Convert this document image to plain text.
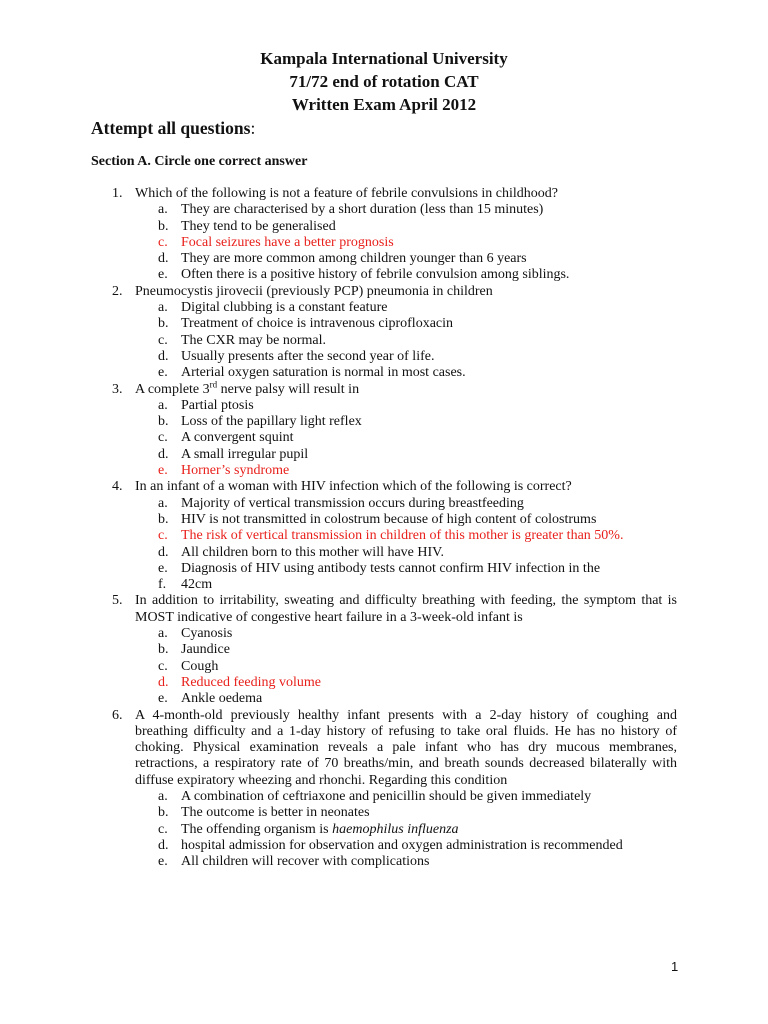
Kampala International University
71/72 end of rotation CAT
Written Exam April 2012
Attempt all questions:
Section A. Circle one correct answer
1. Which of the following is not a feature of febrile convulsions in childhood?
a. They are characterised by a short duration (less than 15 minutes)
b. They tend to be generalised
c. Focal seizures have a better prognosis
d. They are more common among children younger than 6 years
e. Often there is a positive history of febrile convulsion among siblings.
2. Pneumocystis jirovecii (previously PCP) pneumonia in children
a. Digital clubbing is a constant feature
b. Treatment of choice is intravenous ciprofloxacin
c. The CXR may be normal.
d. Usually presents after the second year of life.
e. Arterial oxygen saturation is normal in most cases.
3. A complete 3rd nerve palsy will result in
a. Partial ptosis
b. Loss of the papillary light reflex
c. A convergent squint
d. A small irregular pupil
e. Horner’s syndrome
4. In an infant of a woman with HIV infection which of the following is correct?
a. Majority of vertical transmission occurs during breastfeeding
b. HIV is not transmitted in colostrum because of high content of colostrums
c. The risk of vertical transmission in children of this mother is greater than 50%.
d. All children born to this mother will have HIV.
e. Diagnosis of HIV using antibody tests cannot confirm HIV infection in the
f. 42cm
5. In addition to irritability, sweating and difficulty breathing with feeding, the symptom that is MOST indicative of congestive heart failure in a 3-week-old infant is
a. Cyanosis
b. Jaundice
c. Cough
d. Reduced feeding volume
e. Ankle oedema
6. A 4-month-old previously healthy infant presents with a 2-day history of coughing and breathing difficulty and a 1-day history of refusing to take oral fluids. He has no history of choking. Physical examination reveals a pale infant who has dry mucous membranes, retractions, a respiratory rate of 70 breaths/min, and breath sounds decreased bilaterally with diffuse expiratory wheezing and rhonchi. Regarding this condition
a. A combination of ceftriaxone and penicillin should be given immediately
b. The outcome is better in neonates
c. The offending organism is haemophilus influenza
d. hospital admission for observation and oxygen administration is recommended
e. All children will recover with complications
1
